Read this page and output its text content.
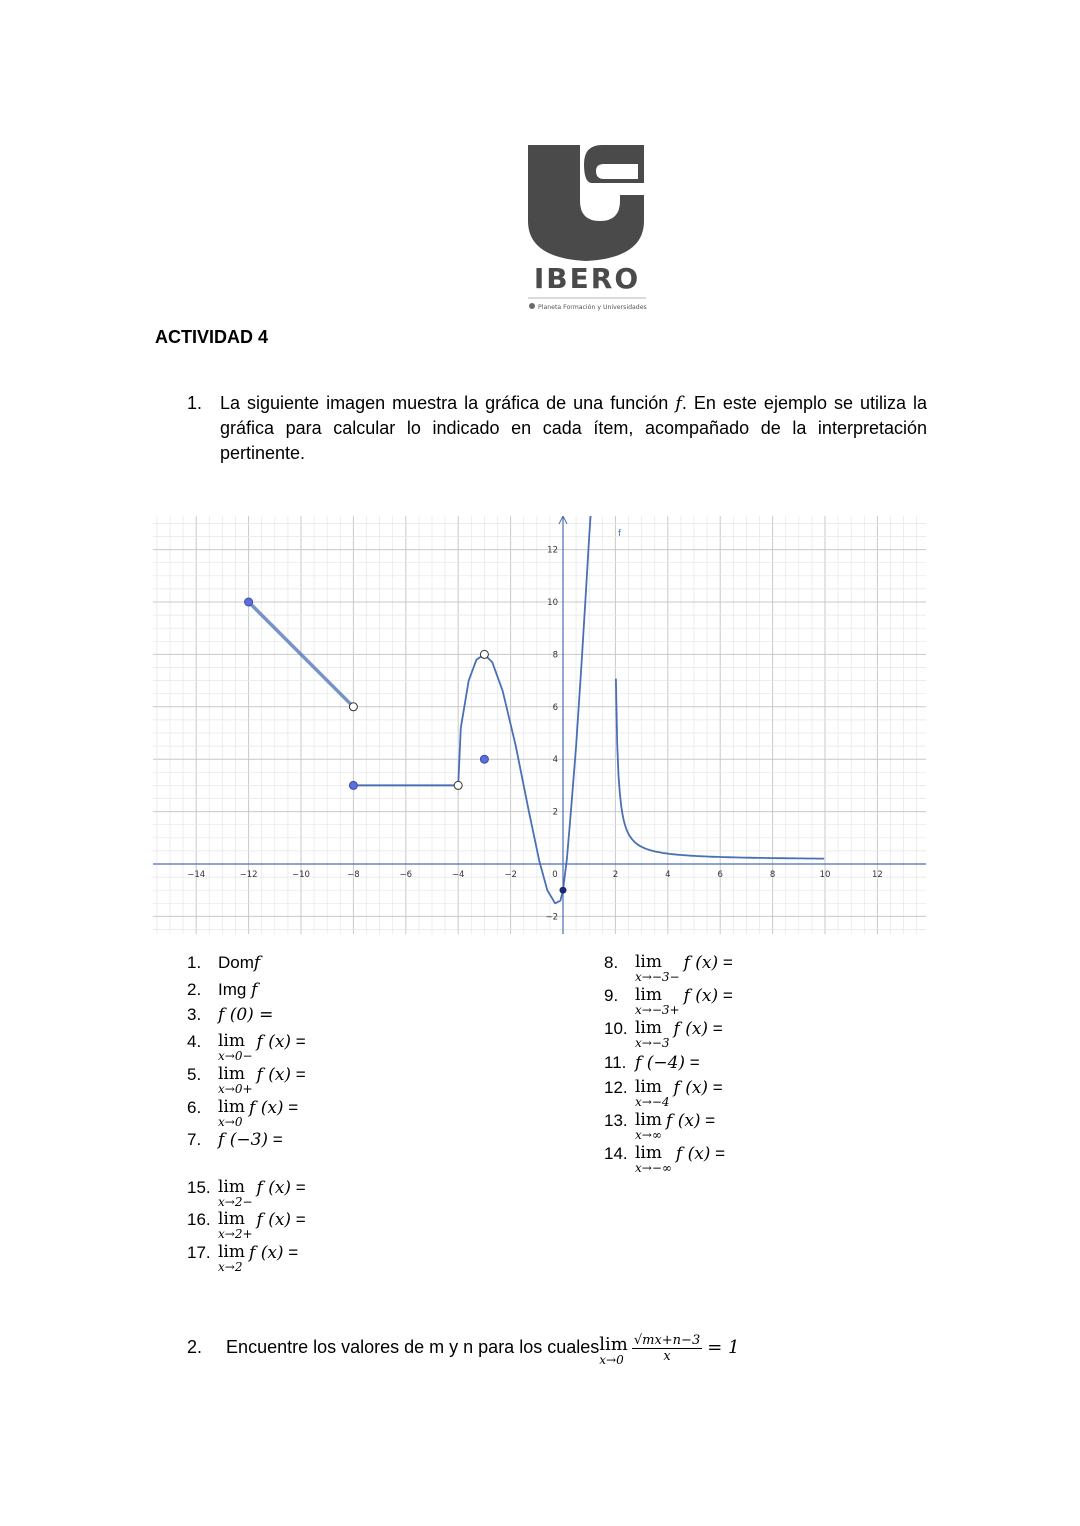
IBERO
Planeta Formación y Universidades
ACTIVIDAD 4
1. La siguiente imagen muestra la gráfica de una función f. En este ejemplo se utiliza la gráfica para calcular lo indicado en cada ítem, acompañado de la interpretación pertinente.
−14	−12	−10	−8	−6	−4	−2	0	2	4	6	8	10	12
−2
2
4
6
8
10
12
f
1. Domf
2. Img f
3. f (0) =
4. lim
x→0−
f (x) =
5. lim
x→0+
f (x) =
6. lim
x→0
f (x) =
7. f (−3) =
8. lim
x→−3−
f (x) =
9. lim
x→−3+
f (x) =
10. lim
x→−3
f (x) =
11. f (−4) =
12. lim
x→−4
f (x) =
13. lim
x→∞
f (x) =
14. lim
x→−∞
f (x) =
15. lim
x→2−
f (x) =
16. lim
x→2+
f (x) =
17. lim
x→2
f (x) =
2. Encuentre los valores de m y n para los cuales lim
$x\to 0 \frac{√mx+n-3}{x} = 1$
